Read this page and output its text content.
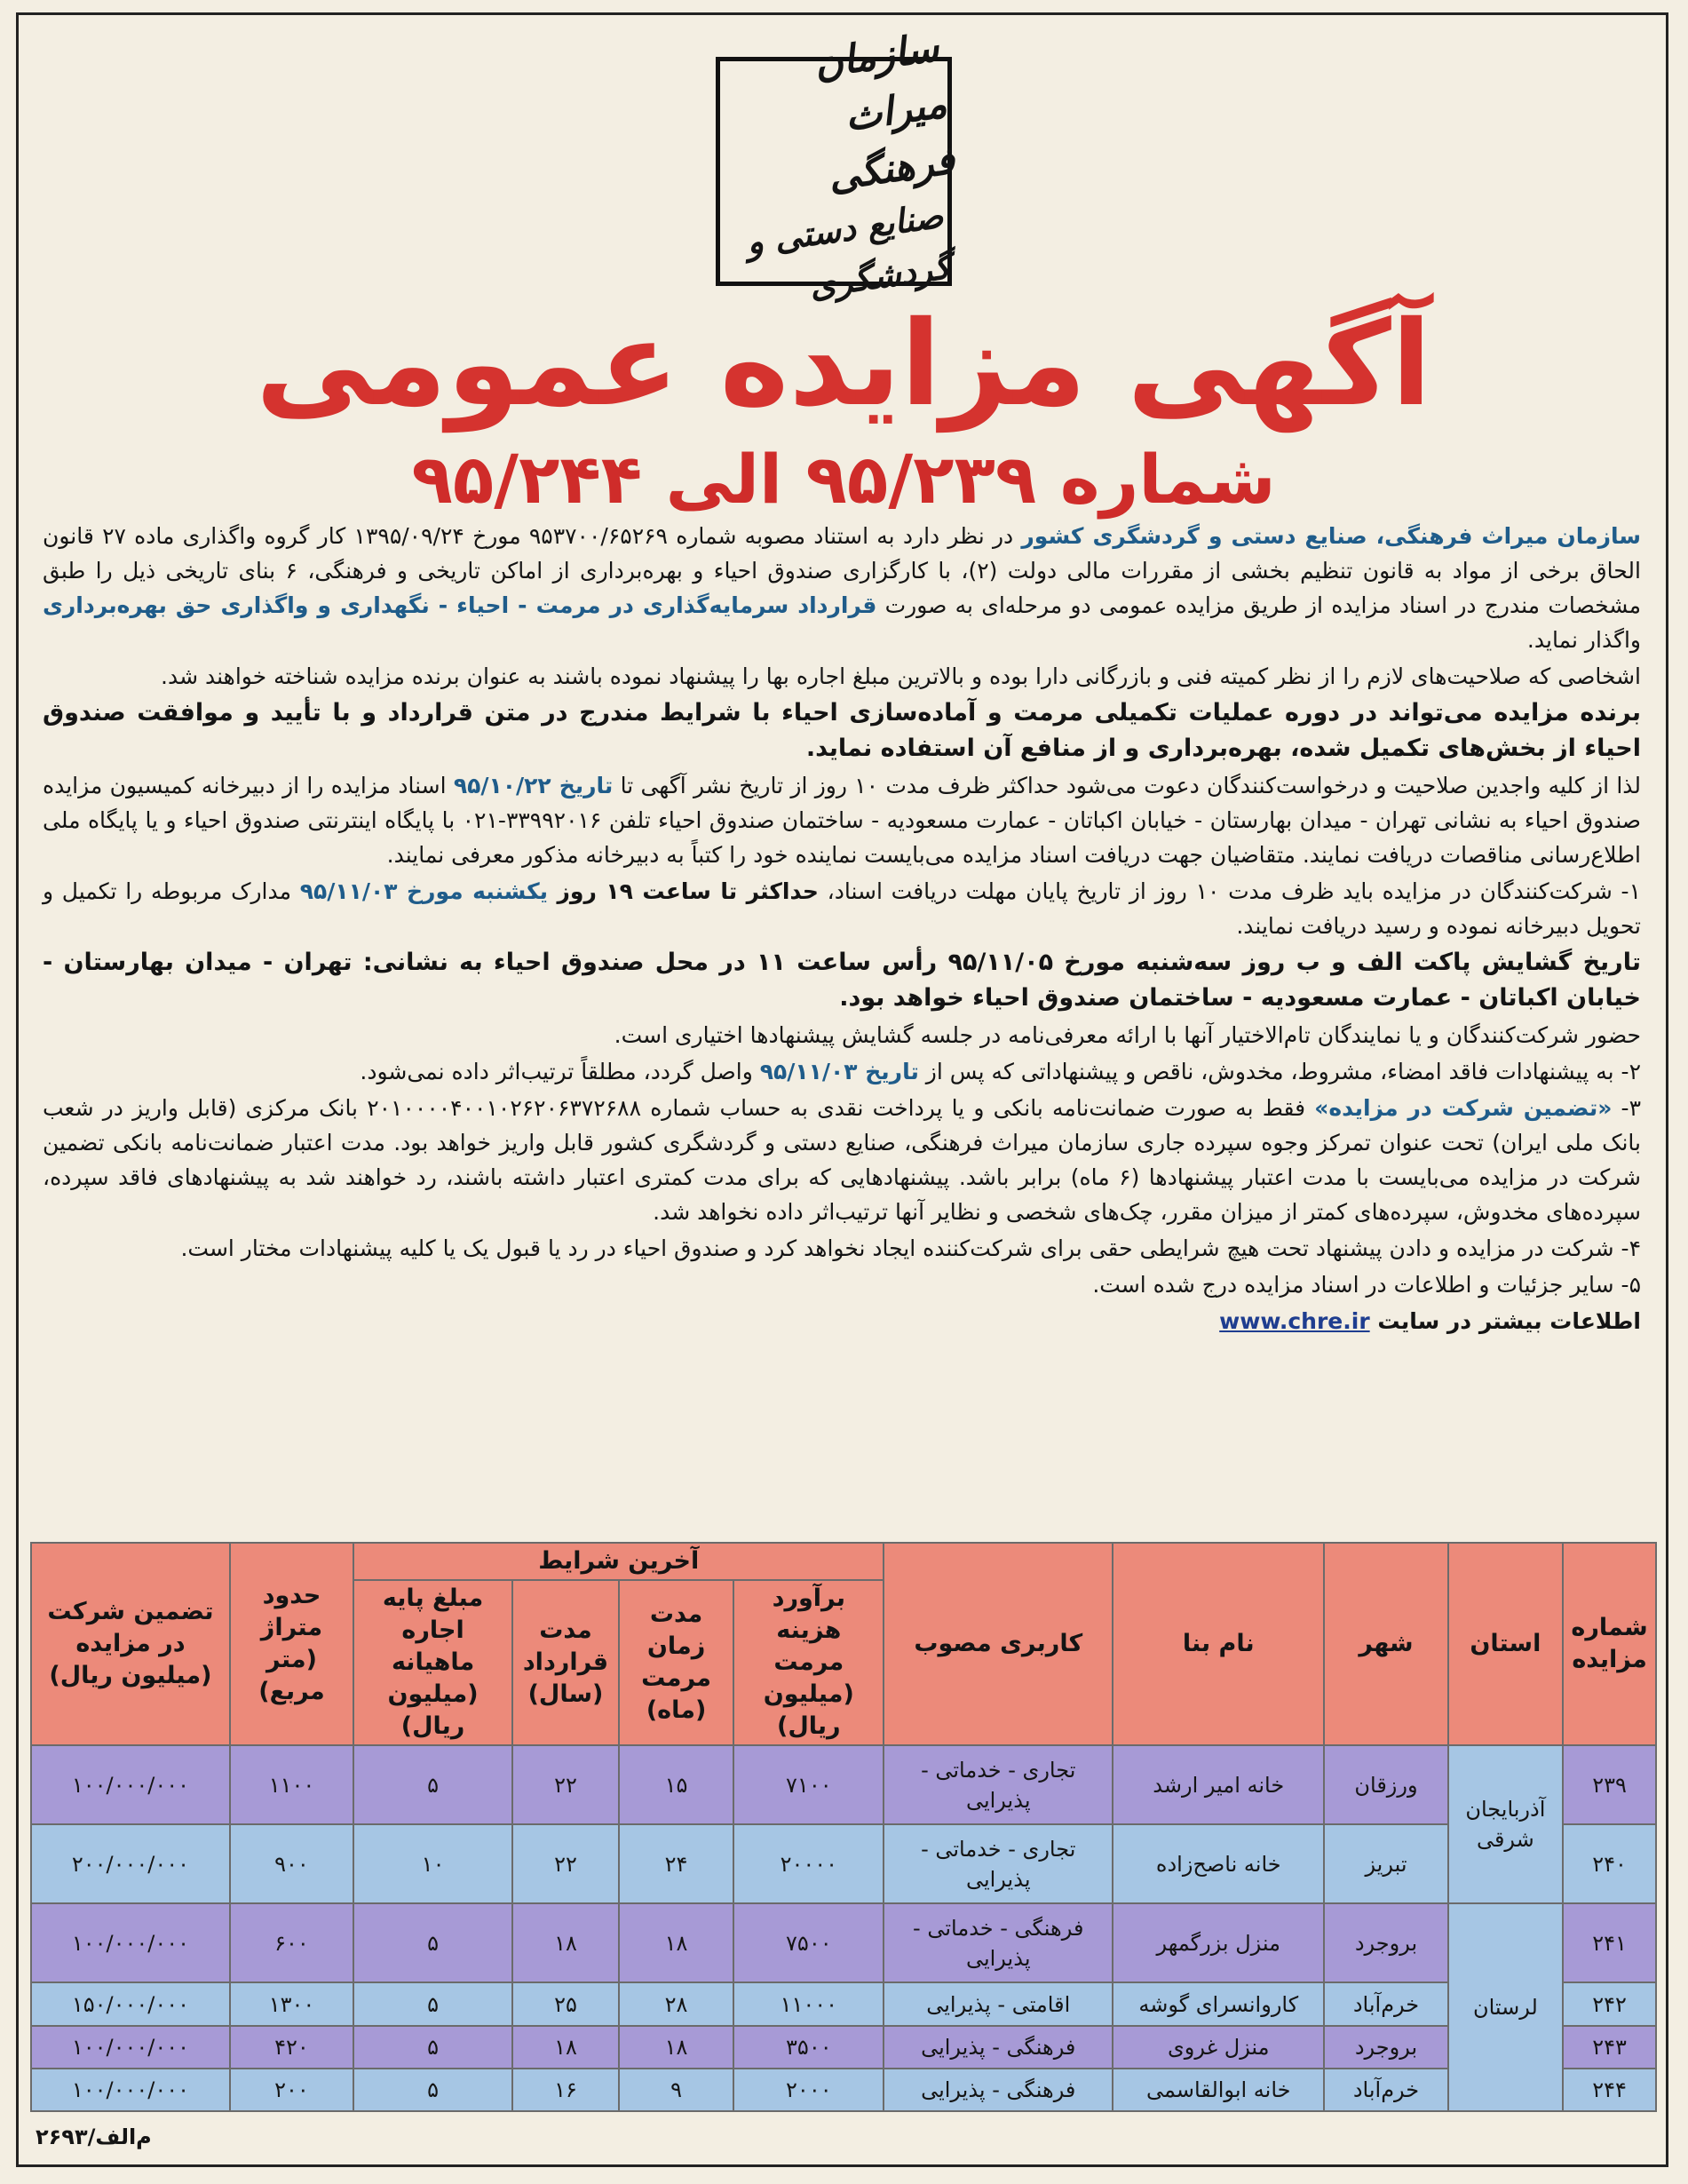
سازمان میراث فرهنگی
صنایع دستی و گردشگری
آگهی مزایده عمومی
شماره ۹۵/۲۳۹ الی ۹۵/۲۴۴

سازمان میراث فرهنگی، صنایع دستی و گردشگری کشور در نظر دارد به استناد مصوبه شماره ۹۵۳۷۰۰/۶۵۲۶۹ مورخ ۱۳۹۵/۰۹/۲۴ کار گروه واگذاری ماده ۲۷ قانون الحاق برخی از مواد به قانون تنظیم بخشی از مقررات مالی دولت (۲)، با کارگزاری صندوق احیاء و بهره‌برداری از اماکن تاریخی و فرهنگی، ۶ بنای تاریخی ذیل را طبق مشخصات مندرج در اسناد مزایده از طریق مزایده عمومی دو مرحله‌ای به صورت قرارداد سرمایه‌گذاری در مرمت - احیاء - نگهداری و واگذاری حق بهره‌برداری واگذار نماید.

اشخاصی که صلاحیت‌های لازم را از نظر کمیته فنی و بازرگانی دارا بوده و بالاترین مبلغ اجاره بها را پیشنهاد نموده باشند به عنوان برنده مزایده شناخته خواهند شد.

برنده مزایده می‌تواند در دوره عملیات تکمیلی مرمت و آماده‌سازی احیاء با شرایط مندرج در متن قرارداد و با تأیید و موافقت صندوق احیاء از بخش‌های تکمیل شده، بهره‌برداری و از منافع آن استفاده نماید.

لذا از کلیه واجدین صلاحیت و درخواست‌کنندگان دعوت می‌شود حداکثر ظرف مدت ۱۰ روز از تاریخ نشر آگهی تا تاریخ ۹۵/۱۰/۲۲ اسناد مزایده را از دبیرخانه کمیسیون مزایده صندوق احیاء به نشانی تهران - میدان بهارستان - خیابان اکباتان - عمارت مسعودیه - ساختمان صندوق احیاء تلفن ۳۳۹۹۲۰۱۶-۰۲۱ با پایگاه اینترنتی صندوق احیاء و یا پایگاه ملی اطلاع‌رسانی مناقصات دریافت نمایند. متقاضیان جهت دریافت اسناد مزایده می‌بایست نماینده خود را کتباً به دبیرخانه مذکور معرفی نمایند.

۱- شرکت‌کنندگان در مزایده باید ظرف مدت ۱۰ روز از تاریخ پایان مهلت دریافت اسناد، حداکثر تا ساعت ۱۹ روز یکشنبه مورخ ۹۵/۱۱/۰۳ مدارک مربوطه را تکمیل و تحویل دبیرخانه نموده و رسید دریافت نمایند.

تاریخ گشایش پاکت الف و ب روز سه‌شنبه مورخ ۹۵/۱۱/۰۵ رأس ساعت ۱۱ در محل صندوق احیاء به نشانی: تهران - میدان بهارستان - خیابان اکباتان - عمارت مسعودیه - ساختمان صندوق احیاء خواهد بود.

حضور شرکت‌کنندگان و یا نمایندگان تام‌الاختیار آنها با ارائه معرفی‌نامه در جلسه گشایش پیشنهادها اختیاری است.

۲- به پیشنهادات فاقد امضاء، مشروط، مخدوش، ناقص و پیشنهاداتی که پس از تاریخ ۹۵/۱۱/۰۳ واصل گردد، مطلقاً ترتیب‌اثر داده نمی‌شود.

۳- «تضمین شرکت در مزایده» فقط به صورت ضمانت‌نامه بانکی و یا پرداخت نقدی به حساب شماره ۲۰۱۰۰۰۰۴۰۰۱۰۲۶۲۰۶۳۷۲۶۸۸ بانک مرکزی (قابل واریز در شعب بانک ملی ایران) تحت عنوان تمرکز وجوه سپرده جاری سازمان میراث فرهنگی، صنایع دستی و گردشگری کشور قابل واریز خواهد بود. مدت اعتبار ضمانت‌نامه بانکی تضمین شرکت در مزایده می‌بایست با مدت اعتبار پیشنهادها (۶ ماه) برابر باشد. پیشنهادهایی که برای مدت کمتری اعتبار داشته باشند، رد خواهند شد به پیشنهادهای فاقد سپرده، سپرده‌های مخدوش، سپرده‌های کمتر از میزان مقرر، چک‌های شخصی و نظایر آنها ترتیب‌اثر داده نخواهد شد.

۴- شرکت در مزایده و دادن پیشنهاد تحت هیچ شرایطی حقی برای شرکت‌کننده ایجاد نخواهد کرد و صندوق احیاء در رد یا قبول یک یا کلیه پیشنهادات مختار است.

۵- سایر جزئیات و اطلاعات در اسناد مزایده درج شده است.

اطلاعات بیشتر در سایت www.chre.ir

شماره مزایده	استان	شهر	نام بنا	کاربری مصوب	آخرین شرایط				حدود متراژ (متر مربع)	تضمین شرکت در مزایده (میلیون ریال)
					برآورد هزینه مرمت (میلیون ریال)	مدت زمان مرمت (ماه)	مدت قرارداد (سال)	مبلغ پایه اجاره ماهیانه (میلیون ریال)		
۲۳۹	آذربایجان شرقی	ورزقان	خانه امیر ارشد	تجاری - خدماتی - پذیرایی	۷۱۰۰	۱۵	۲۲	۵	۱۱۰۰	۱۰۰/۰۰۰/۰۰۰
۲۴۰		تبریز	خانه ناصح‌زاده	تجاری - خدماتی - پذیرایی	۲۰۰۰۰	۲۴	۲۲	۱۰	۹۰۰	۲۰۰/۰۰۰/۰۰۰
۲۴۱	لرستان	بروجرد	منزل بزرگمهر	فرهنگی - خدماتی - پذیرایی	۷۵۰۰	۱۸	۱۸	۵	۶۰۰	۱۰۰/۰۰۰/۰۰۰
۲۴۲		خرم‌آباد	کاروانسرای گوشه	اقامتی - پذیرایی	۱۱۰۰۰	۲۸	۲۵	۵	۱۳۰۰	۱۵۰/۰۰۰/۰۰۰
۲۴۳		بروجرد	منزل غروی	فرهنگی - پذیرایی	۳۵۰۰	۱۸	۱۸	۵	۴۲۰	۱۰۰/۰۰۰/۰۰۰
۲۴۴		خرم‌آباد	خانه ابوالقاسمی	فرهنگی - پذیرایی	۲۰۰۰	۹	۱۶	۵	۲۰۰	۱۰۰/۰۰۰/۰۰۰
م‌الف/۲۶۹۳
